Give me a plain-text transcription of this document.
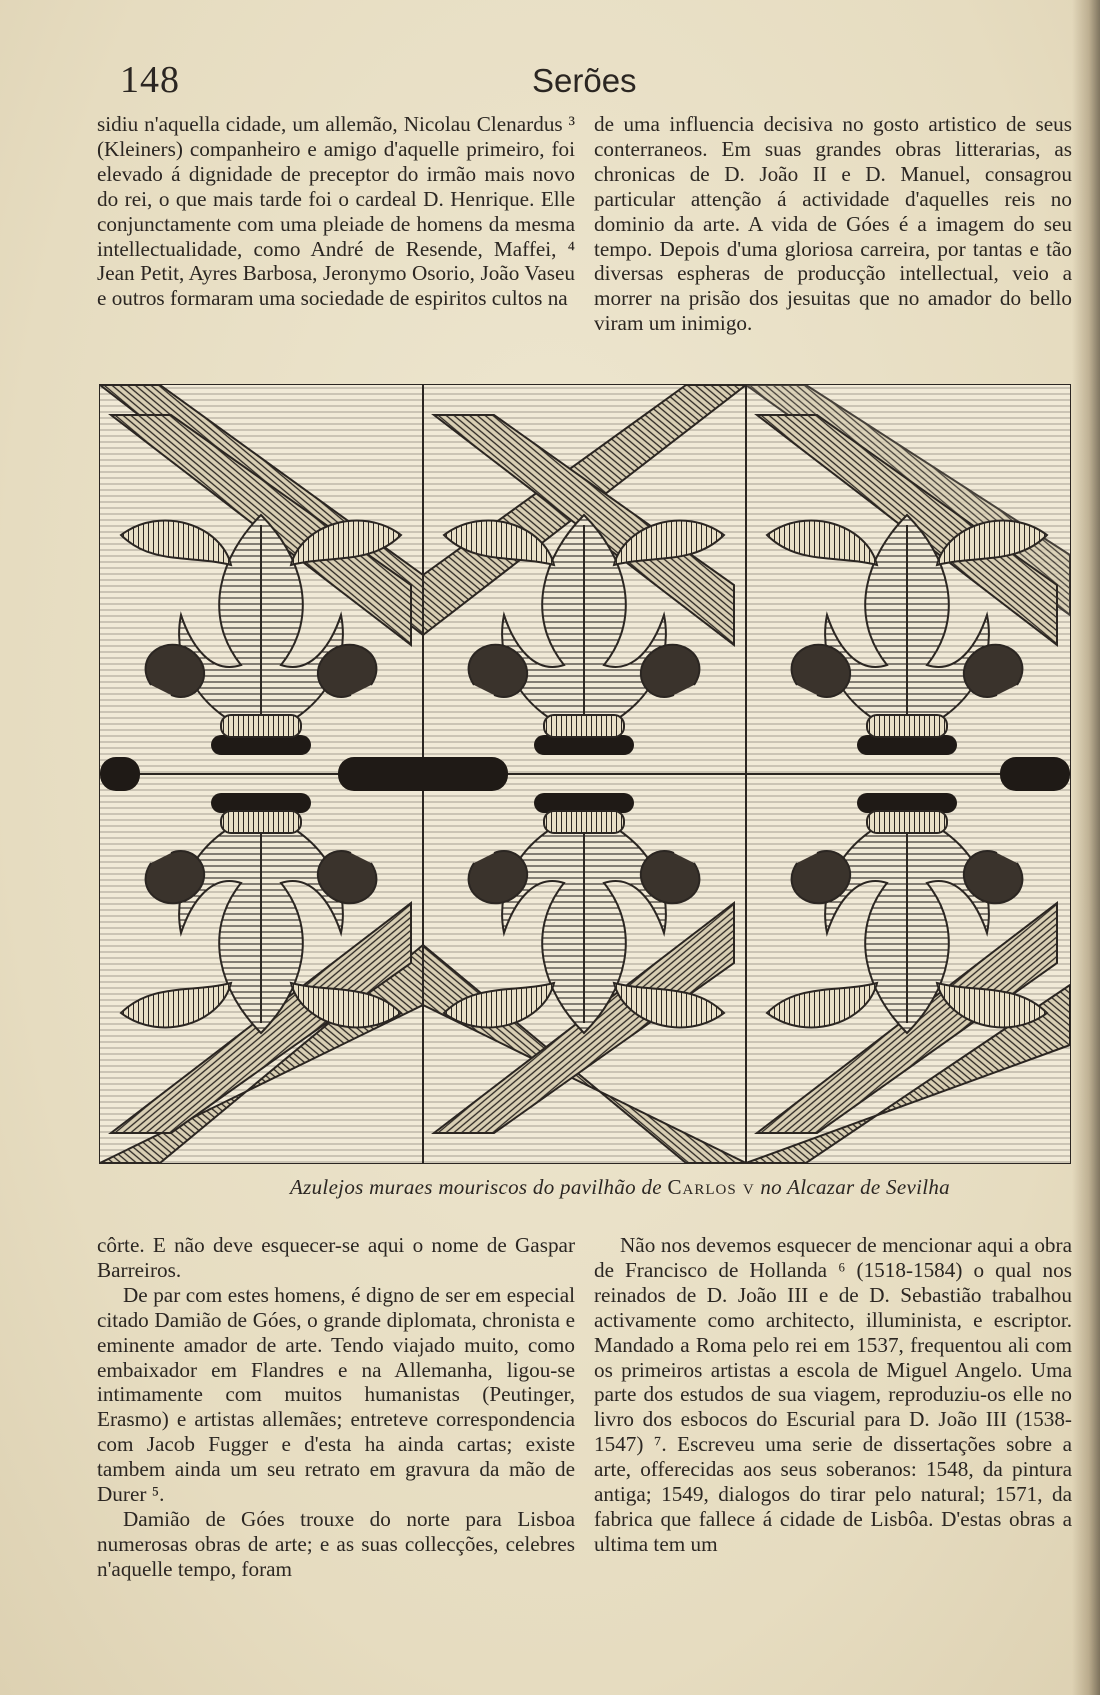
148	Serões

sidiu n'aquella cidade, um allemão, Nicolau Clenardus ³ (Kleiners) companheiro e amigo d'aquelle primeiro, foi elevado á dignidade de preceptor do irmão mais novo do rei, o que mais tarde foi o cardeal D. Henrique. Elle conjunctamente com uma pleiade de homens da mesma intellectualidade, como André de Resende, Maffei, ⁴ Jean Petit, Ayres Barbosa, Jeronymo Osorio, João Vaseu e outros formaram uma sociedade de espiritos cultos na

de uma influencia decisiva no gosto artistico de seus conterraneos. Em suas grandes obras litterarias, as chronicas de D. João II e D. Manuel, consagrou particular attenção á actividade d'aquelles reis no dominio da arte. A vida de Góes é a imagem do seu tempo. Depois d'uma gloriosa carreira, por tantas e tão diversas espheras de producção intellectual, veio a morrer na prisão dos jesuitas que no amador do bello viram um inimigo.

Azulejos muraes mouriscos do pavilhão de Carlos v no Alcazar de Sevilha

côrte. E não deve esquecer-se aqui o nome de Gaspar Barreiros.

De par com estes homens, é digno de ser em especial citado Damião de Góes, o grande diplomata, chronista e eminente amador de arte. Tendo viajado muito, como embaixador em Flandres e na Allemanha, ligou-se intimamente com muitos humanistas (Peutinger, Erasmo) e artistas allemães; entreteve correspondencia com Jacob Fugger e d'esta ha ainda cartas; existe tambem ainda um seu retrato em gravura da mão de Durer ⁵.

Damião de Góes trouxe do norte para Lisboa numerosas obras de arte; e as suas collecções, celebres n'aquelle tempo, foram

Não nos devemos esquecer de mencionar aqui a obra de Francisco de Hollanda ⁶ (1518-1584) o qual nos reinados de D. João III e de D. Sebastião trabalhou activamente como architecto, illuminista, e escriptor. Mandado a Roma pelo rei em 1537, frequentou ali com os primeiros artistas a escola de Miguel Angelo. Uma parte dos estudos de sua viagem, reproduziu-os elle no livro dos esbocos do Escurial para D. João III (1538-1547) ⁷. Escreveu uma serie de dissertações sobre a arte, offerecidas aos seus soberanos: 1548, da pintura antiga; 1549, dialogos do tirar pelo natural; 1571, da fabrica que fallece á cidade de Lisbôa. D'estas obras a ultima tem um
